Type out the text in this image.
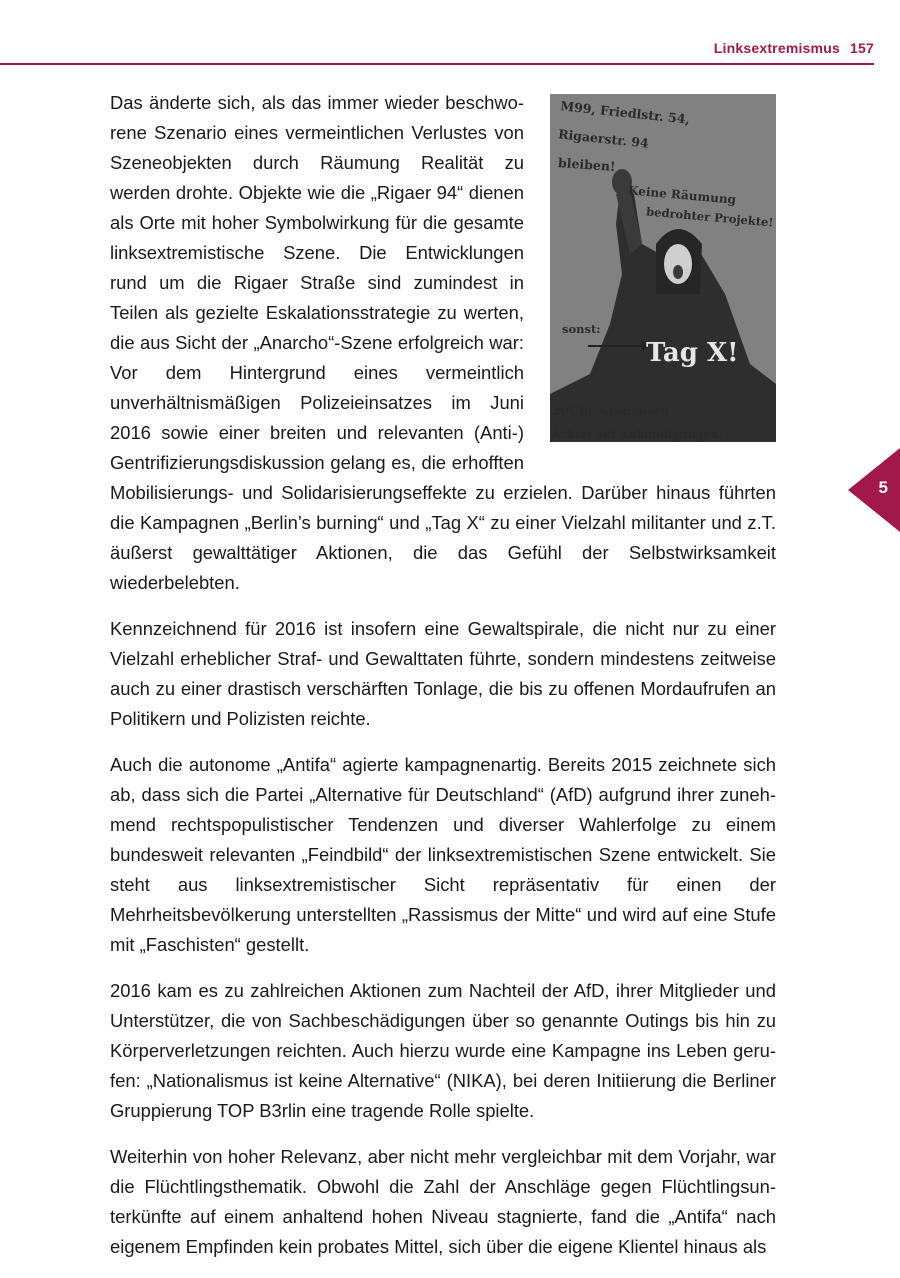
Linksextremismus 157
5
M99, Friedlstr. 54,
Rigaerstr. 94
bleiben!
Keine Räumung
bedrohter Projekte!
sonst:
Tag X!
20Uhr Kreuzberg
Achtet auf Ankündigungen!

Das änderte sich, als das immer wieder beschworene Szenario eines vermeintlichen Verlustes von Szeneobjekten durch Räumung Realität zu werden drohte. Objekte wie die „Rigaer 94“ dienen als Orte mit hoher Symbolwirkung für die gesamte linksextremistische Szene. Die Entwicklungen rund um die Rigaer Straße sind zumindest in Teilen als gezielte Eskalationsstrategie zu werten, die aus Sicht der „Anarcho“-Szene erfolgreich war: Vor dem Hintergrund eines vermeintlich unverhältnismäßigen Polizeieinsatzes im Juni 2016 sowie einer breiten und relevanten (Anti-) Gentrifizierungsdiskussion gelang es, die erhofften Mobilisierungs- und Solidarisierungseffekte zu erzielen. Darüber hinaus führten die Kampagnen „Berlin’s burning“ und „Tag X“ zu einer Vielzahl militanter und z.T. äußerst gewalttätiger Aktionen, die das Gefühl der Selbstwirksamkeit wiederbelebten.

Kennzeichnend für 2016 ist insofern eine Gewaltspirale, die nicht nur zu einer Vielzahl erheblicher Straf- und Gewalttaten führte, sondern mindestens zeitweise auch zu einer drastisch verschärften Tonlage, die bis zu offenen Mordaufrufen an Politikern und Polizisten reichte.

Auch die autonome „Antifa“ agierte kampagnenartig. Bereits 2015 zeichnete sich ab, dass sich die Partei „Alternative für Deutschland“ (AfD) aufgrund ihrer zunehmend rechtspopulistischer Tendenzen und diverser Wahlerfolge zu einem bundesweit relevanten „Feindbild“ der linksextremistischen Szene entwickelt. Sie steht aus linksextremistischer Sicht repräsentativ für einen der Mehrheitsbevölkerung unterstellten „Rassismus der Mitte“ und wird auf eine Stufe mit „Faschisten“ gestellt.

2016 kam es zu zahlreichen Aktionen zum Nachteil der AfD, ihrer Mitglieder und Unterstützer, die von Sachbeschädigungen über so genannte Outings bis hin zu Körperverletzungen reichten. Auch hierzu wurde eine Kampagne ins Leben gerufen: „Nationalismus ist keine Alternative“ (NIKA), bei deren Initiierung die Berliner Gruppierung TOP B3rlin eine tragende Rolle spielte.

Weiterhin von hoher Relevanz, aber nicht mehr vergleichbar mit dem Vorjahr, war die Flüchtlingsthematik. Obwohl die Zahl der Anschläge gegen Flüchtlingsunterkünfte auf einem anhaltend hohen Niveau stagnierte, fand die „Antifa“ nach eigenem Empfinden kein probates Mittel, sich über die eigene Klientel hinaus als
